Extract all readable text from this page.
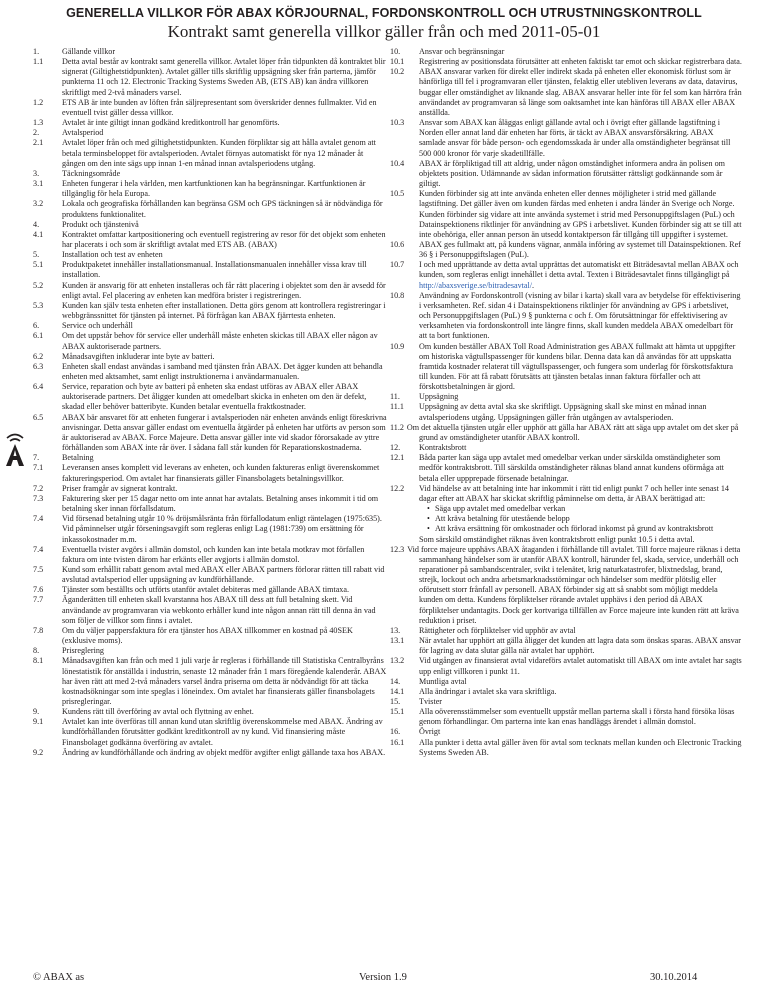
GENERELLA VILLKOR FÖR ABAX KÖRJOURNAL, FORDONSKONTROLL OCH UTRUSTNINGSKONTROLL
Kontrakt samt generella villkor gäller från och med 2011-05-01
1.	Gällande villkor
1.1	Detta avtal består av kontrakt samt generella villkor. Avtalet löper från tidpunkten då kontraktet blir signerat (Giltighetstidpunkten). Avtalet gäller tills skriftlig uppsägning sker från parterna, jämför punkterna 11 och 12. Electronic Tracking Systems Sweden AB, (ETS AB) kan ändra villkoren skriftligt med 2-två månaders varsel.
1.2	ETS AB är inte bunden av löften från säljrepresentant som överskrider dennes fullmakter. Vid en eventuell tvist gäller dessa villkor.
1.3	Avtalet är inte giltigt innan godkänd kreditkontroll har genomförts.
2.	Avtalsperiod
2.1	Avtalet löper från och med giltighetstidpunkten. Kunden förpliktar sig att hålla avtalet genom att betala terminsbeloppet för avtalsperioden. Avtalet förnyas automatiskt för nya 12 månader åt gången om den inte sägs upp innan 1-en månad innan avtalsperiodens utgång.
3.	Täckningsområde
3.1	Enheten fungerar i hela världen, men kartfunktionen kan ha begränsningar. Kartfunktionen är tillgänglig för hela Europa.
3.2	Lokala och geografiska förhållanden kan begränsa GSM och GPS täckningen så är nödvändiga för produktens funktionalitet.
4.	Produkt och tjänstenivå
4.1	Kontraktet omfattar kartpositionering och eventuell registrering av resor för det objekt som enheten har placerats i och som är skriftligt avtalat med ETS AB. (ABAX)
5.	Installation och test av enheten
5.1	Produktpaketet innehåller installationsmanual. Installationsmanualen innehåller vissa krav till installation.
5.2	Kunden är ansvarig för att enheten installeras och får rätt placering i objektet som den är avsedd för enligt avtal. Fel placering av enheten kan medföra brister i registreringen.
5.3	Kunden kan själv testa enheten efter installationen. Detta görs genom att kontrollera registreringar i webbgränssnittet för tjänsten på internet. På förfrågan kan ABAX fjärrtesta enheten.
6.	Service och underhåll
6.1	Om det uppstår behov för service eller underhåll måste enheten skickas till ABAX eller någon av ABAX auktoriserade partners.
6.2	Månadsavgiften inkluderar inte byte av batteri.
6.3	Enheten skall endast användas i samband med tjänsten från ABAX. Det ägger kunden att behandla enheten med aktsamhet, samt enligt instruktionerna i användarmanualen.
6.4	Service, reparation och byte av batteri på enheten ska endast utföras av ABAX eller ABAX auktoriserade partners. Det åligger kunden att omedelbart skicka in enheten om den är defekt, skadad eller behöver batteribyte. Kunden betalar eventuella fraktkostnader.
6.5	ABAX bär ansvaret för att enheten fungerar i avtalsperioden när enheten används enligt föreskrivna anvisningar. Detta ansvar gäller endast om eventuella åtgärder på enheten har utförts av person som är auktoriserad av ABAX. Force Majeure. Detta ansvar gäller inte vid skador förorsakade av yttre förhållanden som ABAX inte rår över. I sådana fall står kunden för Reparationskostnaderna.
7.	Betalning
7.1	Leveransen anses komplett vid leverans av enheten, och kunden faktureras enligt överenskommet faktureringsperiod. Om avtalet har finansierats gäller Finansbolagets betalningsvillkor.
7.2	Priser framgår av signerat kontrakt.
7.3	Fakturering sker per 15 dagar netto om inte annat har avtalats. Betalning anses inkommit i tid om betalning sker innan förfallsdatum.
7.4	Vid försenad betalning utgår 10 % dröjsmålsränta från förfallodatum enligt räntelagen (1975:635). Vid påminnelser utgår förseningsavgift som regleras enligt Lag (1981:739) om ersättning för inkassokostnader m.m.
7.4	Eventuella tvister avgörs i allmän domstol, och kunden kan inte betala motkrav mot förfallen faktura om inte tvisten därom har erkänts eller avgjorts i allmän domstol.
7.5	Kund som erhållit rabatt genom avtal med ABAX eller ABAX partners förlorar rätten till rabatt vid avslutad avtalsperiod eller uppsägning av kundförhållande.
7.6	Tjänster som beställts och utförts utanför avtalet debiteras med gällande ABAX timtaxa.
7.7	Äganderätten till enheten skall kvarstanna hos ABAX till dess att full betalning skett. Vid användande av programvaran via webkonto erhåller kund inte någon annan rätt till denna än vad som följer de villkor som finns i avtalet.
7.8	Om du väljer pappersfaktura för era tjänster hos ABAX tillkommer en kostnad på 40SEK (exklusive moms).
8.	Prisreglering
8.1	Månadsavgiften kan från och med 1 juli varje år regleras i förhållande till Statistiska Centralbyråns lönestatistik för anställda i industrin, senaste 12 månader från 1 mars föregående kalenderår. ABAX har även rätt att med 2-två månaders varsel ändra priserna om detta är nödvändigt för att täcka kostnadsökningar som inte speglas i löneindex. Om avtalet har finansierats gäller finansbolagets prisregleringar.
9.	Kundens rätt till överföring av avtal och flyttning av enhet.
9.1	Avtalet kan inte överföras till annan kund utan skriftlig överenskommelse med ABAX. Ändring av kundförhållanden förutsätter godkänt kreditkontroll av ny kund. Vid finansiering måste Finansbolaget godkänna överföring av avtalet.
9.2	Ändring av kundförhållande och ändring av objekt medför avgifter enligt gällande taxa hos ABAX.
10.	Ansvar och begränsningar
10.1	Registrering av positionsdata förutsätter att enheten faktiskt tar emot och skickar registrerbara data.
10.2	ABAX ansvarar varken för direkt eller indirekt skada på enheten eller ekonomisk förlust som är hänförliga till fel i programvaran eller tjänsten, felaktig eller utebliven leverans av data, datavirus, buggar eller omständighet av liknande slag. ABAX ansvarar heller inte för fel som kan härröra från användandet av programvaran så länge som oaktsamhet inte kan hänföras till ABAX eller ABAX anställda.
10.3	Ansvar som ABAX kan åläggas enligt gällande avtal och i övrigt efter gällande lagstiftning i Norden eller annat land där enheten har förts, är täckt av ABAX ansvarsförsäkring. ABAX samlade ansvar för både person- och egendomsskada är under alla omständigheter begränsat till 500 000 kronor för varje skadetillfälle.
10.4	ABAX är förpliktigad till att aldrig, under någon omständighet informera andra än polisen om objektets position. Utlämnande av sådan information förutsätter rättsligt godkännande som är giltigt.
10.5	Kunden förbinder sig att inte använda enheten eller dennes möjligheter i strid med gällande lagstiftning. Det gäller även om kunden färdas med enheten i andra länder än Sverige och Norge. Kunden förbinder sig vidare att inte använda systemet i strid med Personuppgiftslagen (PuL) och Datainspektionens riktlinjer för användning av GPS i arbetslivet. Kunden förbinder sig att se till att inte obehöriga, eller annan person än utsedd kontaktperson får tillgång till uppgifter i systemet.
10.6	ABAX ges fullmakt att, på kundens vägnar, anmäla införing av systemet till Datainspektionen. Ref 36 § i Personuppgiftslagen (PuL).
10.7	I och med upprättande av detta avtal upprättas det automatiskt ett Biträdesavtal mellan ABAX och kunden, som regleras enligt innehållet i detta avtal. Texten i Biträdesavtalet finns tillgängligt på http://abaxsverige.se/bitradesavtal/.
10.8	Användning av Fordonskontroll (visning av bilar i karta) skall vara av betydelse för effektivisering i verksamheten. Ref. sidan 4 i Datainspektionens riktlinjer för användning av GPS i arbetslivet, och Personuppgiftslagen (PuL) 9 § punkterna c och f. Om förutsättningar för effektivisering av verksamheten via fordonskontroll inte längre finns, skall kunden meddela ABAX omedelbart för att ta bort funktionen.
10.9	Om kunden beställer ABAX Toll Road Administration ges ABAX fullmakt att hämta ut uppgifter om historiska vägtullspassenger för kundens bilar. Denna data kan då användas för att uppskatta framtida kostnader relaterat till vägtullspassenger, och fungera som underlag för förskottsfaktura till kunden. För att få rabatt förutsätts att tjänsten betalas innan faktura förfaller och att förskottsbetalningen är gjord.
11.	Uppsägning
11.1	Uppsägning av detta avtal ska ske skriftligt. Uppsägning skall ske minst en månad innan avtalsperiodens utgång. Uppsägningen gäller från utgången av avtalsperioden.
11.2 Om det aktuella tjänsten utgår eller upphör att gälla har ABAX rätt att säga upp avtalet om det sker på grund av omständigheter utanför ABAX kontroll.
12.	Kontraktsbrott
12.1	Båda parter kan säga upp avtalet med omedelbar verkan under särskilda omständigheter som medför kontraktsbrott. Till särskilda omständigheter räknas bland annat kundens oförmåga att betala eller uppprepade försenade betalningar.
12.2	Vid händelse av att betalning inte har inkommit i rätt tid enligt punkt 7 och heller inte senast 14 dagar efter att ABAX har skickat skriftlig påminnelse om detta, är ABAX berättigad att:
• Säga upp avtalet med omedelbar verkan
• Att kräva betalning för utestående belopp
• Att kräva ersättning för omkostnader och förlorad inkomst på grund av kontraktsbrott
Som särskild omständighet räknas även kontraktsbrott enligt punkt 10.5 i detta avtal.
12.3 Vid force majeure upphävs ABAX åtaganden i förhållande till avtalet. Till force majeure räknas i detta sammanhang händelser som är utanför ABAX kontroll, härunder fel, skada, service, underhåll och reparationer på sambandscentraler, svikt i telenätet, krig naturkatastrofer, blixtnedslag, brand, strejk, lockout och andra arbetsmarknadsstörningar och händelser som medför plötslig eller oförutsett storr frånfall av personell. ABAX förbinder sig att så snabbt som möjligt meddela kunden om detta. Kundens förpliktelser rörande avtalet upphävs i den period då ABAX förpliktelser undantagits. Dock ger kortvariga tillfällen av Force majeure inte kunden rätt att kräva reduktion i priset.
13.	Rättigheter och förpliktelser vid upphör av avtal
13.1	När avtalet har upphört att gälla åligger det kunden att lagra data som önskas sparas. ABAX ansvar för lagring av data slutar gälla när avtalet har upphört.
13.2	Vid utgången av finansierat avtal vidareförs avtalet automatiskt till ABAX om inte avtalet har sagts upp enligt villkoren i punkt 11.
14.	Muntliga avtal
14.1	Alla ändringar i avtalet ska vara skriftliga.
15.	Tvister
15.1	Alla oöverensstämmelser som eventuellt uppstår mellan parterna skall i första hand försöka lösas genom förhandlingar. Om parterna inte kan enas handläggs ärendet i allmän domstol.
16.	Övrigt
16.1	Alla punkter i detta avtal gäller även för avtal som tecknats mellan kunden och Electronic Tracking Systems Sweden AB.
© ABAX as	Version 1.9	30.10.2014
